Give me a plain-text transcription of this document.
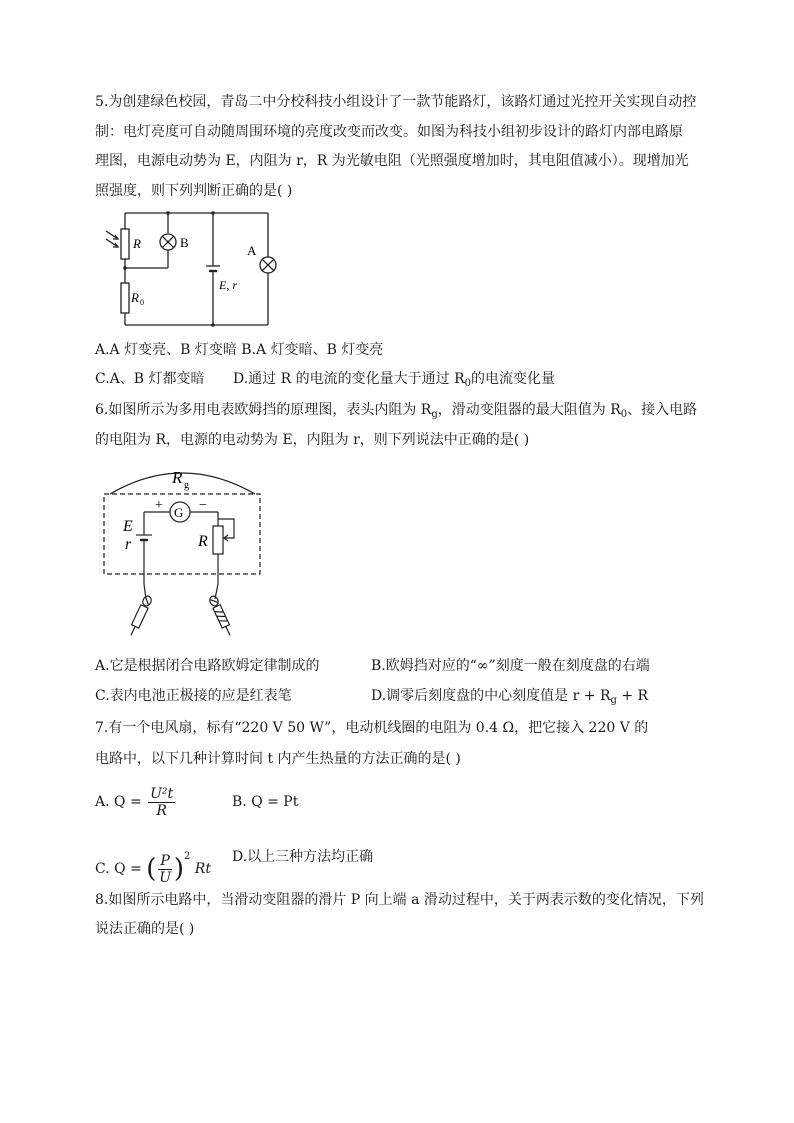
5.为创建绿色校园，青岛二中分校科技小组设计了一款节能路灯，该路灯通过光控开关实现自动控
制：电灯亮度可自动随周围环境的亮度改变而改变。如图为科技小组初步设计的路灯内部电路原
理图，电源电动势为 E，内阻为 r，R 为光敏电阻（光照强度增加时，其电阻值减小）。现增加光
照强度，则下列判断正确的是( )
R	B
A
E, r
R 0
A.A 灯变亮、B 灯变暗 B.A 灯变暗、B 灯变亮
C.A、B 灯都变暗 D.通过 R 的电流的变化量大于通过 $R_0$的电流变化量
6.如图所示为多用电表欧姆挡的原理图，表头内阻为 $R_g$，滑动变阻器的最大阻值为 $R_0$、接入电路
的电阻为 R，电源的电动势为 E，内阻为 r，则下列说法中正确的是( )
R g
+	−
G
E
r	R
A.它是根据闭合电路欧姆定律制成的	B.欧姆挡对应的“∞”刻度一般在刻度盘的右端
C.表内电池正极接的应是红表笔	D.调零后刻度盘的中心刻度值是 $r + R_g + R$
7.有一个电风扇，标有“220 V 50 W”，电动机线圈的电阻为 0.4 Ω，把它接入 220 V 的
电路中，以下几种计算时间 t 内产生热量的方法正确的是( )
A. $Q = \frac{\text{U²t}}{R}$	B. Q = Pt
C. Q = ( $\frac{P}{U} )^2$ Rt
D.以上三种方法均正确
8.如图所示电路中，当滑动变阻器的滑片 P 向上端 a 滑动过程中，关于两表示数的变化情况，下列
说法正确的是( )
